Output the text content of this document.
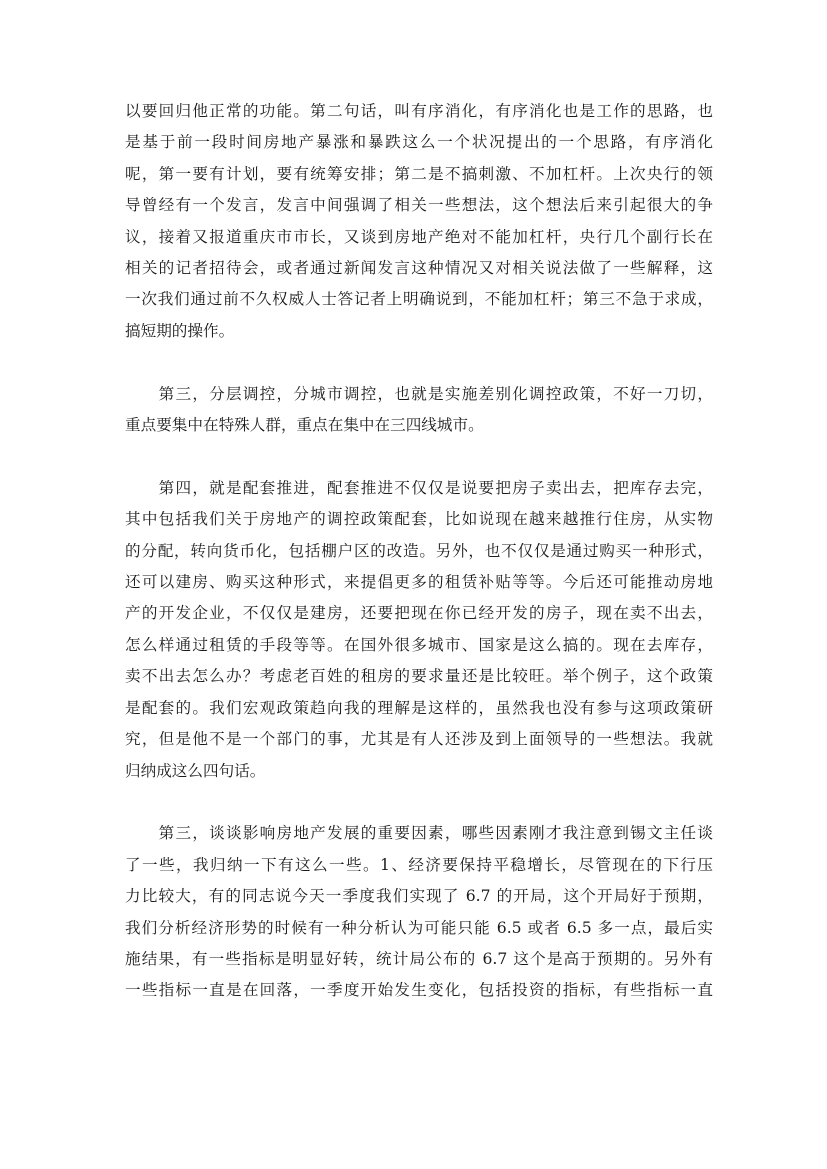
以要回归他正常的功能。第二句话，叫有序消化，有序消化也是工作的思路，也
是基于前一段时间房地产暴涨和暴跌这么一个状况提出的一个思路，有序消化
呢，第一要有计划，要有统筹安排；第二是不搞刺激、不加杠杆。上次央行的领
导曾经有一个发言，发言中间强调了相关一些想法，这个想法后来引起很大的争
议，接着又报道重庆市市长，又谈到房地产绝对不能加杠杆，央行几个副行长在
相关的记者招待会，或者通过新闻发言这种情况又对相关说法做了一些解释，这
一次我们通过前不久权威人士答记者上明确说到，不能加杠杆；第三不急于求成，
搞短期的操作。
　　第三，分层调控，分城市调控，也就是实施差别化调控政策，不好一刀切，
重点要集中在特殊人群，重点在集中在三四线城市。
　　第四，就是配套推进，配套推进不仅仅是说要把房子卖出去，把库存去完，
其中包括我们关于房地产的调控政策配套，比如说现在越来越推行住房，从实物
的分配，转向货币化，包括棚户区的改造。另外，也不仅仅是通过购买一种形式，
还可以建房、购买这种形式，来提倡更多的租赁补贴等等。今后还可能推动房地
产的开发企业，不仅仅是建房，还要把现在你已经开发的房子，现在卖不出去，
怎么样通过租赁的手段等等。在国外很多城市、国家是这么搞的。现在去库存，
卖不出去怎么办？考虑老百姓的租房的要求量还是比较旺。举个例子，这个政策
是配套的。我们宏观政策趋向我的理解是这样的，虽然我也没有参与这项政策研
究，但是他不是一个部门的事，尤其是有人还涉及到上面领导的一些想法。我就
归纳成这么四句话。
　　第三，谈谈影响房地产发展的重要因素，哪些因素刚才我注意到锡文主任谈
了一些，我归纳一下有这么一些。1、经济要保持平稳增长，尽管现在的下行压
力比较大，有的同志说今天一季度我们实现了 6.7 的开局，这个开局好于预期，
我们分析经济形势的时候有一种分析认为可能只能 6.5 或者 6.5 多一点，最后实
施结果，有一些指标是明显好转，统计局公布的 6.7 这个是高于预期的。另外有
一些指标一直是在回落，一季度开始发生变化，包括投资的指标，有些指标一直
